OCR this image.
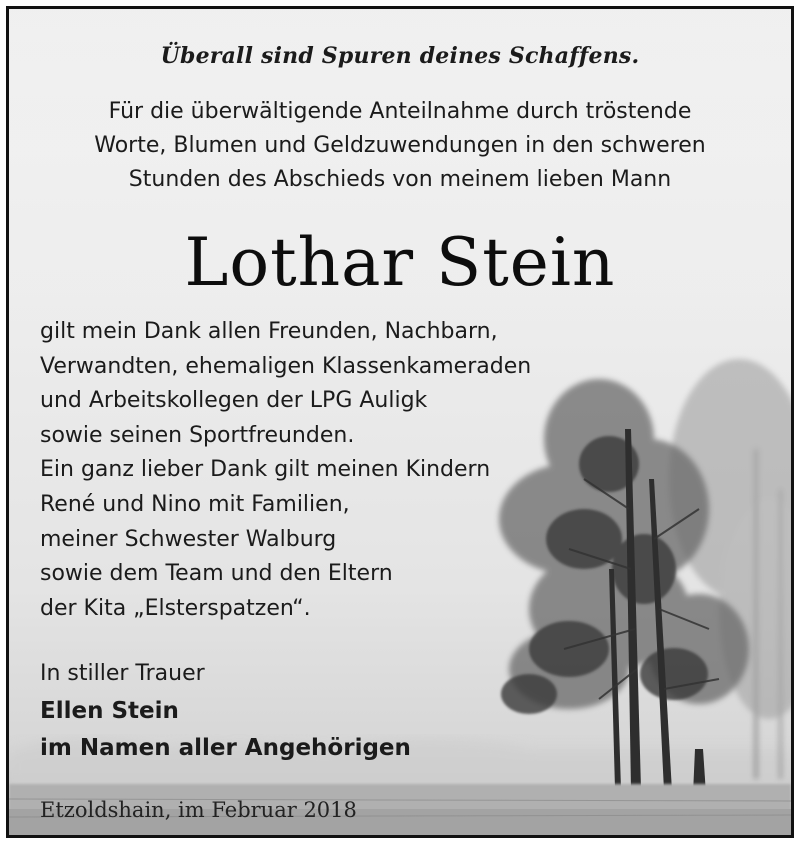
Überall sind Spuren deines Schaffens.
Für die überwältigende Anteilnahme durch tröstende
Worte, Blumen und Geldzuwendungen in den schweren
Stunden des Abschieds von meinem lieben Mann
Lothar Stein
gilt mein Dank allen Freunden, Nachbarn,
Verwandten, ehemaligen Klassenkameraden
und Arbeitskollegen der LPG Auligk
sowie seinen Sportfreunden.
Ein ganz lieber Dank gilt meinen Kindern
René und Nino mit Familien,
meiner Schwester Walburg
sowie dem Team und den Eltern
der Kita „Elsterspatzen“.
In stiller Trauer
Ellen Stein
im Namen aller Angehörigen
Etzoldshain, im Februar 2018
